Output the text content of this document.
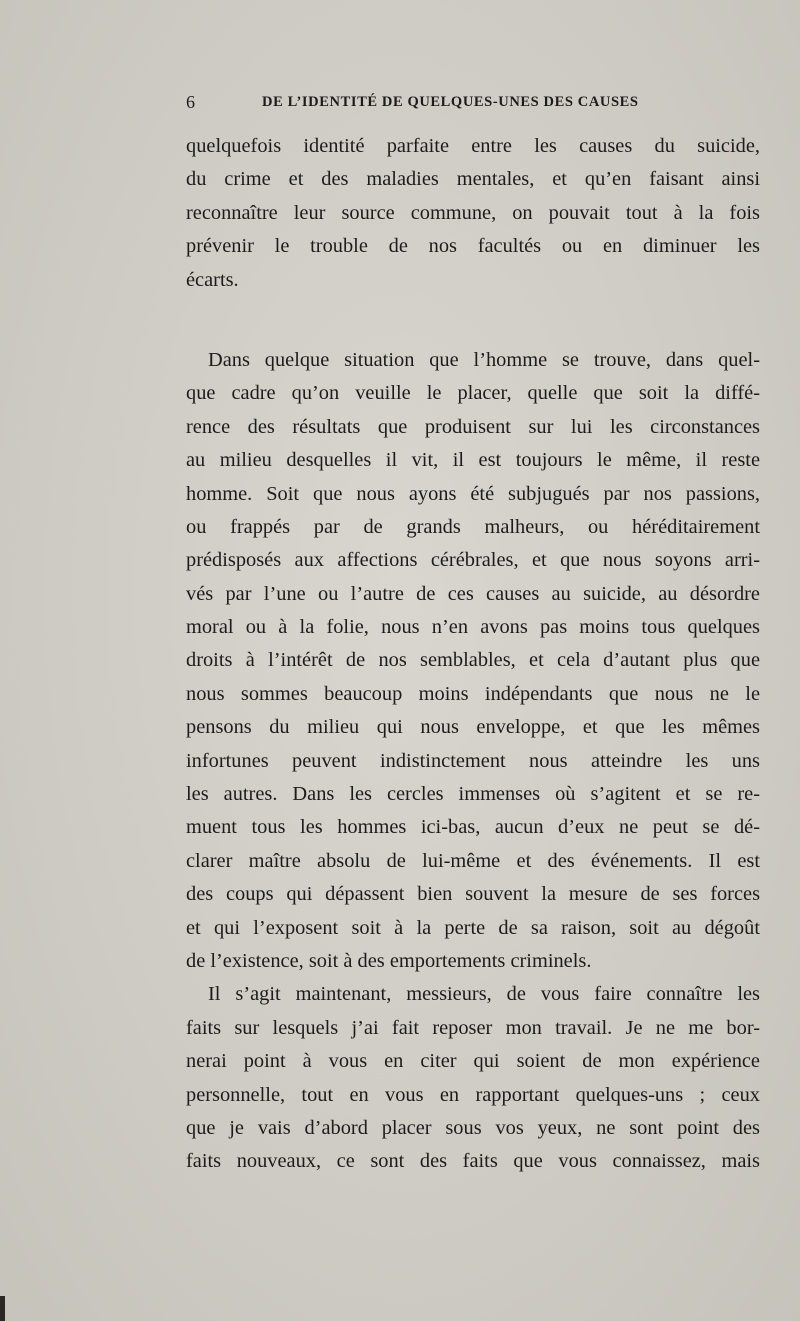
6	DE L’IDENTITÉ DE QUELQUES-UNES DES CAUSES
quelquefois identité parfaite entre les causes du suicide,
du crime et des maladies mentales, et qu’en faisant ainsi
reconnaître leur source commune, on pouvait tout à la fois
prévenir le trouble de nos facultés ou en diminuer les
écarts.
Dans quelque situation que l’homme se trouve, dans quel-
que cadre qu’on veuille le placer, quelle que soit la diffé-
rence des résultats que produisent sur lui les circonstances
au milieu desquelles il vit, il est toujours le même, il reste
homme. Soit que nous ayons été subjugués par nos passions,
ou frappés par de grands malheurs, ou héréditairement
prédisposés aux affections cérébrales, et que nous soyons arri-
vés par l’une ou l’autre de ces causes au suicide, au désordre
moral ou à la folie, nous n’en avons pas moins tous quelques
droits à l’intérêt de nos semblables, et cela d’autant plus que
nous sommes beaucoup moins indépendants que nous ne le
pensons du milieu qui nous enveloppe, et que les mêmes
infortunes peuvent indistinctement nous atteindre les uns
les autres. Dans les cercles immenses où s’agitent et se re-
muent tous les hommes ici-bas, aucun d’eux ne peut se dé-
clarer maître absolu de lui-même et des événements. Il est
des coups qui dépassent bien souvent la mesure de ses forces
et qui l’exposent soit à la perte de sa raison, soit au dégoût
de l’existence, soit à des emportements criminels.
Il s’agit maintenant, messieurs, de vous faire connaître les
faits sur lesquels j’ai fait reposer mon travail. Je ne me bor-
nerai point à vous en citer qui soient de mon expérience
personnelle, tout en vous en rapportant quelques-uns ; ceux
que je vais d’abord placer sous vos yeux, ne sont point des
faits nouveaux, ce sont des faits que vous connaissez, mais
